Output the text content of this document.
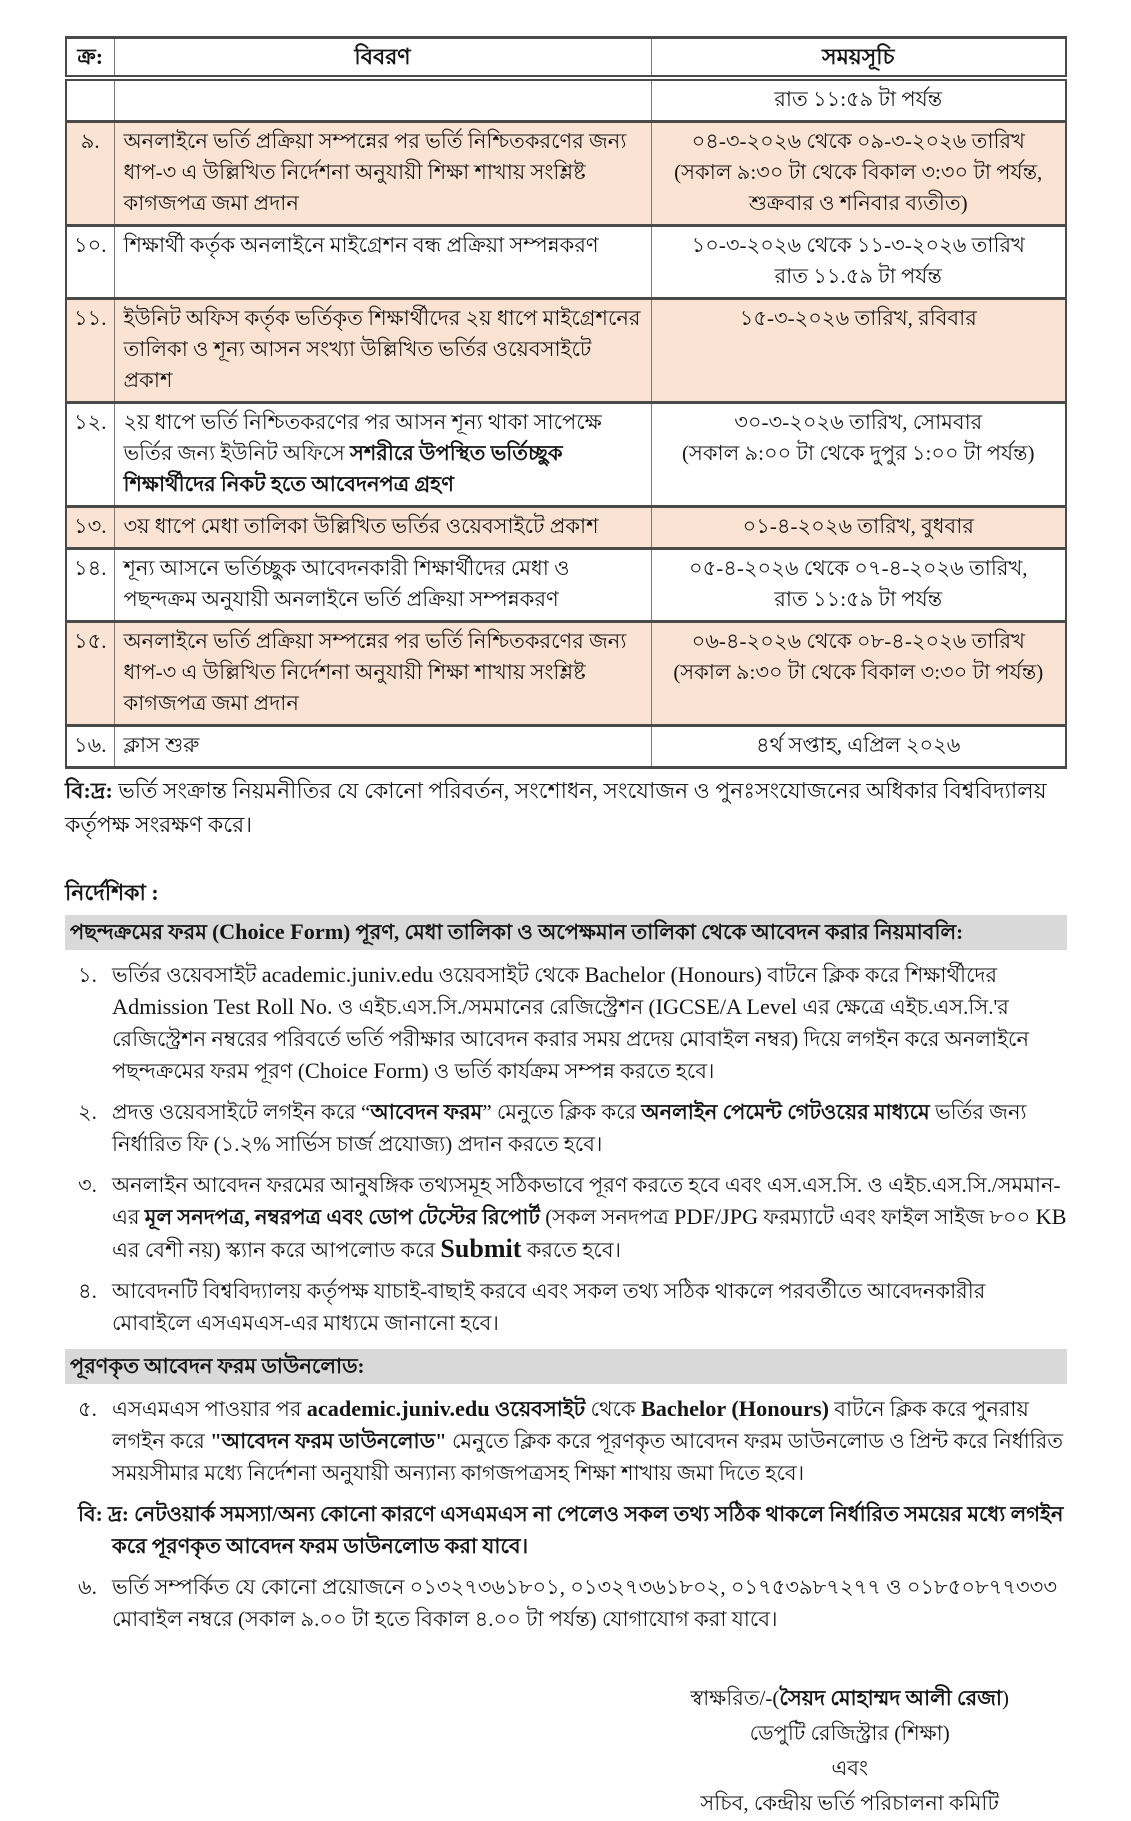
ক্র:	বিবরণ	সময়সূচি
		রাত ১১:৫৯ টা পর্যন্ত
৯.	অনলাইনে ভর্তি প্রক্রিয়া সম্পন্নের পর ভর্তি নিশ্চিতকরণের জন্য ধাপ-৩ এ উল্লিখিত নির্দেশনা অনুযায়ী শিক্ষা শাখায় সংশ্লিষ্ট কাগজপত্র জমা প্রদান	০৪-৩-২০২৬ থেকে ০৯-৩-২০২৬ তারিখ
(সকাল ৯:৩০ টা থেকে বিকাল ৩:৩০ টা পর্যন্ত,
শুক্রবার ও শনিবার ব্যতীত)
১০.	শিক্ষার্থী কর্তৃক অনলাইনে মাইগ্রেশন বন্ধ প্রক্রিয়া সম্পন্নকরণ	১০-৩-২০২৬ থেকে ১১-৩-২০২৬ তারিখ
রাত ১১.৫৯ টা পর্যন্ত
১১.	ইউনিট অফিস কর্তৃক ভর্তিকৃত শিক্ষার্থীদের ২য় ধাপে মাইগ্রেশনের তালিকা ও শূন্য আসন সংখ্যা উল্লিখিত ভর্তির ওয়েবসাইটে প্রকাশ	১৫-৩-২০২৬ তারিখ, রবিবার
১২.	২য় ধাপে ভর্তি নিশ্চিতকরণের পর আসন শূন্য থাকা সাপেক্ষে ভর্তির জন্য ইউনিট অফিসে সশরীরে উপস্থিত ভর্তিচ্ছুক শিক্ষার্থীদের নিকট হতে আবেদনপত্র গ্রহণ	৩০-৩-২০২৬ তারিখ, সোমবার
(সকাল ৯:০০ টা থেকে দুপুর ১:০০ টা পর্যন্ত)
১৩.	৩য় ধাপে মেধা তালিকা উল্লিখিত ভর্তির ওয়েবসাইটে প্রকাশ	০১-৪-২০২৬ তারিখ, বুধবার
১৪.	শূন্য আসনে ভর্তিচ্ছুক আবেদনকারী শিক্ষার্থীদের মেধা ও পছন্দক্রম অনুযায়ী অনলাইনে ভর্তি প্রক্রিয়া সম্পন্নকরণ	০৫-৪-২০২৬ থেকে ০৭-৪-২০২৬ তারিখ,
রাত ১১:৫৯ টা পর্যন্ত
১৫.	অনলাইনে ভর্তি প্রক্রিয়া সম্পন্নের পর ভর্তি নিশ্চিতকরণের জন্য ধাপ-৩ এ উল্লিখিত নির্দেশনা অনুযায়ী শিক্ষা শাখায় সংশ্লিষ্ট কাগজপত্র জমা প্রদান	০৬-৪-২০২৬ থেকে ০৮-৪-২০২৬ তারিখ
(সকাল ৯:৩০ টা থেকে বিকাল ৩:৩০ টা পর্যন্ত)
১৬.	ক্লাস শুরু	৪র্থ সপ্তাহ, এপ্রিল ২০২৬
বি:দ্র: ভর্তি সংক্রান্ত নিয়মনীতির যে কোনো পরিবর্তন, সংশোধন, সংযোজন ও পুনঃসংযোজনের অধিকার বিশ্ববিদ্যালয় কর্তৃপক্ষ সংরক্ষণ করে।
নির্দেশিকা :
পছন্দক্রমের ফরম (Choice Form) পূরণ, মেধা তালিকা ও অপেক্ষমান তালিকা থেকে আবেদন করার নিয়মাবলি:
১. ভর্তির ওয়েবসাইট academic.juniv.edu ওয়েবসাইট থেকে Bachelor (Honours) বাটনে ক্লিক করে শিক্ষার্থীদের Admission Test Roll No. ও এইচ.এস.সি./সমমানের রেজিস্ট্রেশন (IGCSE/A Level এর ক্ষেত্রে এইচ.এস.সি.'র রেজিস্ট্রেশন নম্বরের পরিবর্তে ভর্তি পরীক্ষার আবেদন করার সময় প্রদেয় মোবাইল নম্বর) দিয়ে লগইন করে অনলাইনে পছন্দক্রমের ফরম পূরণ (Choice Form) ও ভর্তি কার্যক্রম সম্পন্ন করতে হবে।
২. প্রদত্ত ওয়েবসাইটে লগইন করে “আবেদন ফরম” মেনুতে ক্লিক করে অনলাইন পেমেন্ট গেটওয়ের মাধ্যমে ভর্তির জন্য নির্ধারিত ফি (১.২% সার্ভিস চার্জ প্রযোজ্য) প্রদান করতে হবে।
৩. অনলাইন আবেদন ফরমের আনুষঙ্গিক তথ্যসমূহ সঠিকভাবে পূরণ করতে হবে এবং এস.এস.সি. ও এইচ.এস.সি./সমমান-এর মূল সনদপত্র, নম্বরপত্র এবং ডোপ টেস্টের রিপোর্ট (সকল সনদপত্র PDF/JPG ফরম্যাটে এবং ফাইল সাইজ ৮০০ KB এর বেশী নয়) স্ক্যান করে আপলোড করে Submit করতে হবে।
৪. আবেদনটি বিশ্ববিদ্যালয় কর্তৃপক্ষ যাচাই-বাছাই করবে এবং সকল তথ্য সঠিক থাকলে পরবর্তীতে আবেদনকারীর মোবাইলে এসএমএস-এর মাধ্যমে জানানো হবে।
পূরণকৃত আবেদন ফরম ডাউনলোড:
৫. এসএমএস পাওয়ার পর academic.juniv.edu ওয়েবসাইট থেকে Bachelor (Honours) বাটনে ক্লিক করে পুনরায় লগইন করে "আবেদন ফরম ডাউনলোড" মেনুতে ক্লিক করে পূরণকৃত আবেদন ফরম ডাউনলোড ও প্রিন্ট করে নির্ধারিত সময়সীমার মধ্যে নির্দেশনা অনুযায়ী অন্যান্য কাগজপত্রসহ শিক্ষা শাখায় জমা দিতে হবে।
বি: দ্র: নেটওয়ার্ক সমস্যা/অন্য কোনো কারণে এসএমএস না পেলেও সকল তথ্য সঠিক থাকলে নির্ধারিত সময়ের মধ্যে লগইন করে পূরণকৃত আবেদন ফরম ডাউনলোড করা যাবে।
৬. ভর্তি সম্পর্কিত যে কোনো প্রয়োজনে ০১৩২৭৩৬১৮০১, ০১৩২৭৩৬১৮০২, ০১৭৫৩৯৮৭২৭৭ ও ০১৮৫০৮৭৭৩৩৩ মোবাইল নম্বরে (সকাল ৯.০০ টা হতে বিকাল ৪.০০ টা পর্যন্ত) যোগাযোগ করা যাবে।
স্বাক্ষরিত/-(সৈয়দ মোহাম্মদ আলী রেজা)
ডেপুটি রেজিস্ট্রার (শিক্ষা)
এবং
সচিব, কেন্দ্রীয় ভর্তি পরিচালনা কমিটি
